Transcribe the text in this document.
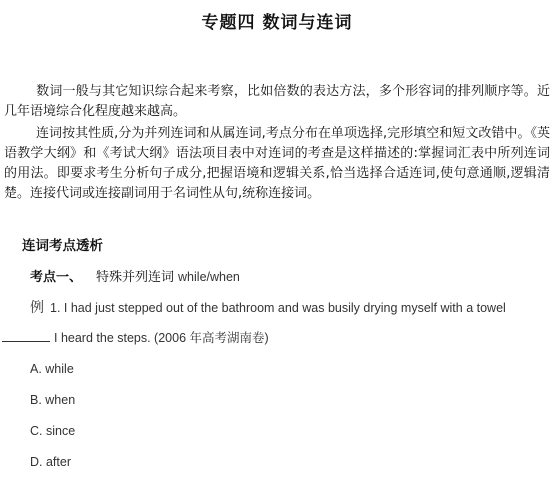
专题四 数词与连词
数词一般与其它知识综合起来考察，比如倍数的表达方法，多个形容词的排列顺序等。近几年语境综合化程度越来越高。
连词按其性质,分为并列连词和从属连词,考点分布在单项选择,完形填空和短文改错中。《英语教学大纲》和《考试大纲》语法项目表中对连词的考查是这样描述的:掌握词汇表中所列连词的用法。即要求考生分析句子成分,把握语境和逻辑关系,恰当选择合适连词,使句意通顺,逻辑清楚。连接代词或连接副词用于名词性从句,统称连接词。
连词考点透析
考点一、 特殊并列连词 while/when
例 1. I had just stepped out of the bathroom and was busily drying myself with a towel
I heard the steps. (2006 年高考湖南卷)
A. while
B. when
C. since
D. after
